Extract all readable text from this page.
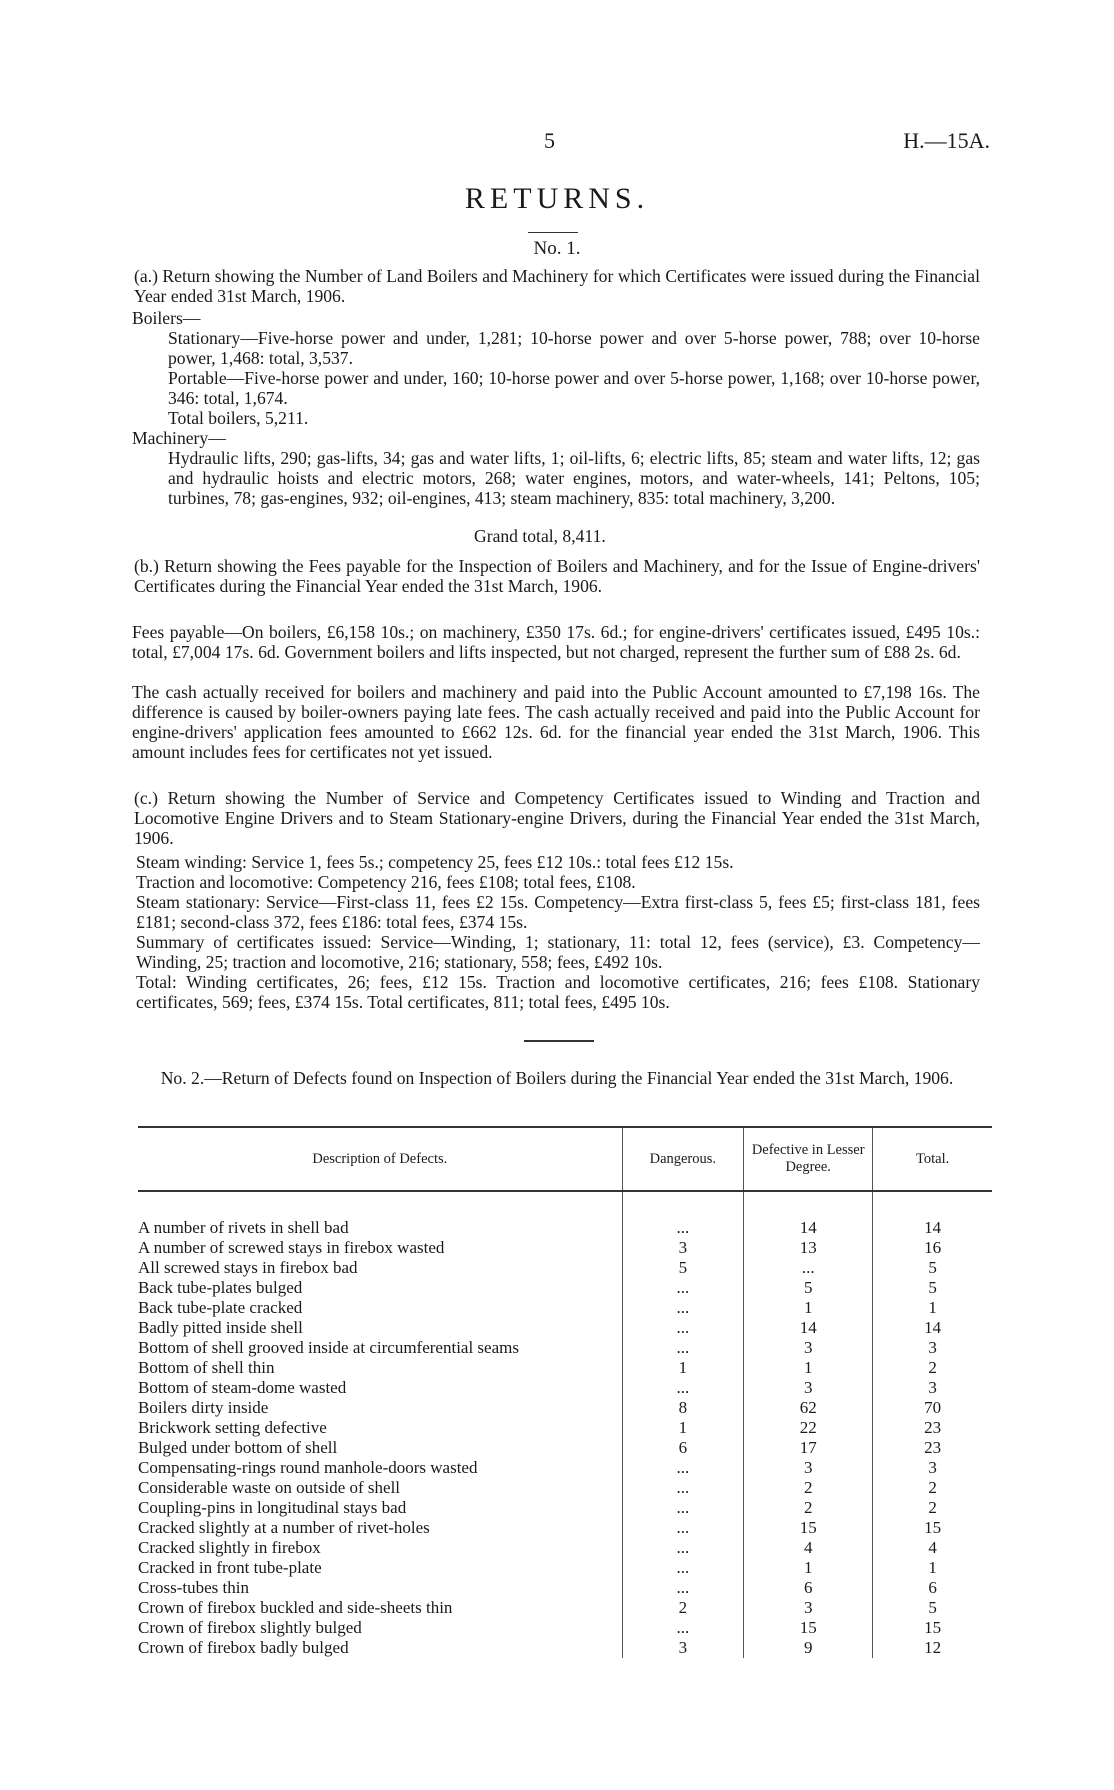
5	H.—15A.
RETURNS.
No. 1.
(a.) Return showing the Number of Land Boilers and Machinery for which Certificates were issued during the Financial Year ended 31st March, 1906.
Boilers—
Stationary—Five-horse power and under, 1,281; 10-horse power and over 5-horse power, 788; over 10-horse power, 1,468: total, 3,537.
Portable—Five-horse power and under, 160; 10-horse power and over 5-horse power, 1,168; over 10-horse power, 346: total, 1,674.
Total boilers, 5,211.
Machinery—
Hydraulic lifts, 290; gas-lifts, 34; gas and water lifts, 1; oil-lifts, 6; electric lifts, 85; steam and water lifts, 12; gas and hydraulic hoists and electric motors, 268; water engines, motors, and water-wheels, 141; Peltons, 105; turbines, 78; gas-engines, 932; oil-engines, 413; steam machinery, 835: total machinery, 3,200.
Grand total, 8,411.
(b.) Return showing the Fees payable for the Inspection of Boilers and Machinery, and for the Issue of Engine-drivers' Certificates during the Financial Year ended the 31st March, 1906.
Fees payable—On boilers, £6,158 10s.; on machinery, £350 17s. 6d.; for engine-drivers' certificates issued, £495 10s.: total, £7,004 17s. 6d. Government boilers and lifts inspected, but not charged, represent the further sum of £88 2s. 6d.
The cash actually received for boilers and machinery and paid into the Public Account amounted to £7,198 16s. The difference is caused by boiler-owners paying late fees. The cash actually received and paid into the Public Account for engine-drivers' application fees amounted to £662 12s. 6d. for the financial year ended the 31st March, 1906. This amount includes fees for certificates not yet issued.
(c.) Return showing the Number of Service and Competency Certificates issued to Winding and Traction and Locomotive Engine Drivers and to Steam Stationary-engine Drivers, during the Financial Year ended the 31st March, 1906.
Steam winding: Service 1, fees 5s.; competency 25, fees £12 10s.: total fees £12 15s.
Traction and locomotive: Competency 216, fees £108; total fees, £108.
Steam stationary: Service—First-class 11, fees £2 15s. Competency—Extra first-class 5, fees £5; first-class 181, fees £181; second-class 372, fees £186: total fees, £374 15s.
Summary of certificates issued: Service—Winding, 1; stationary, 11: total 12, fees (service), £3. Competency—Winding, 25; traction and locomotive, 216; stationary, 558; fees, £492 10s.
Total: Winding certificates, 26; fees, £12 15s. Traction and locomotive certificates, 216; fees £108. Stationary certificates, 569; fees, £374 15s. Total certificates, 811; total fees, £495 10s.
No. 2.—Return of Defects found on Inspection of Boilers during the Financial Year ended the 31st March, 1906.
Description of Defects.	Dangerous.	Defective in Lesser Degree.	Total.

A number of rivets in shell bad	...	14	14
A number of screwed stays in firebox wasted	3	13	16
All screwed stays in firebox bad	5	...	5
Back tube-plates bulged	...	5	5
Back tube-plate cracked	...	1	1
Badly pitted inside shell	...	14	14
Bottom of shell grooved inside at circumferential seams	...	3	3
Bottom of shell thin	1	1	2
Bottom of steam-dome wasted	...	3	3
Boilers dirty inside	8	62	70
Brickwork setting defective	1	22	23
Bulged under bottom of shell	6	17	23
Compensating-rings round manhole-doors wasted	...	3	3
Considerable waste on outside of shell	...	2	2
Coupling-pins in longitudinal stays bad	...	2	2
Cracked slightly at a number of rivet-holes	...	15	15
Cracked slightly in firebox	...	4	4
Cracked in front tube-plate	...	1	1
Cross-tubes thin	...	6	6
Crown of firebox buckled and side-sheets thin	2	3	5
Crown of firebox slightly bulged	...	15	15
Crown of firebox badly bulged	3	9	12
